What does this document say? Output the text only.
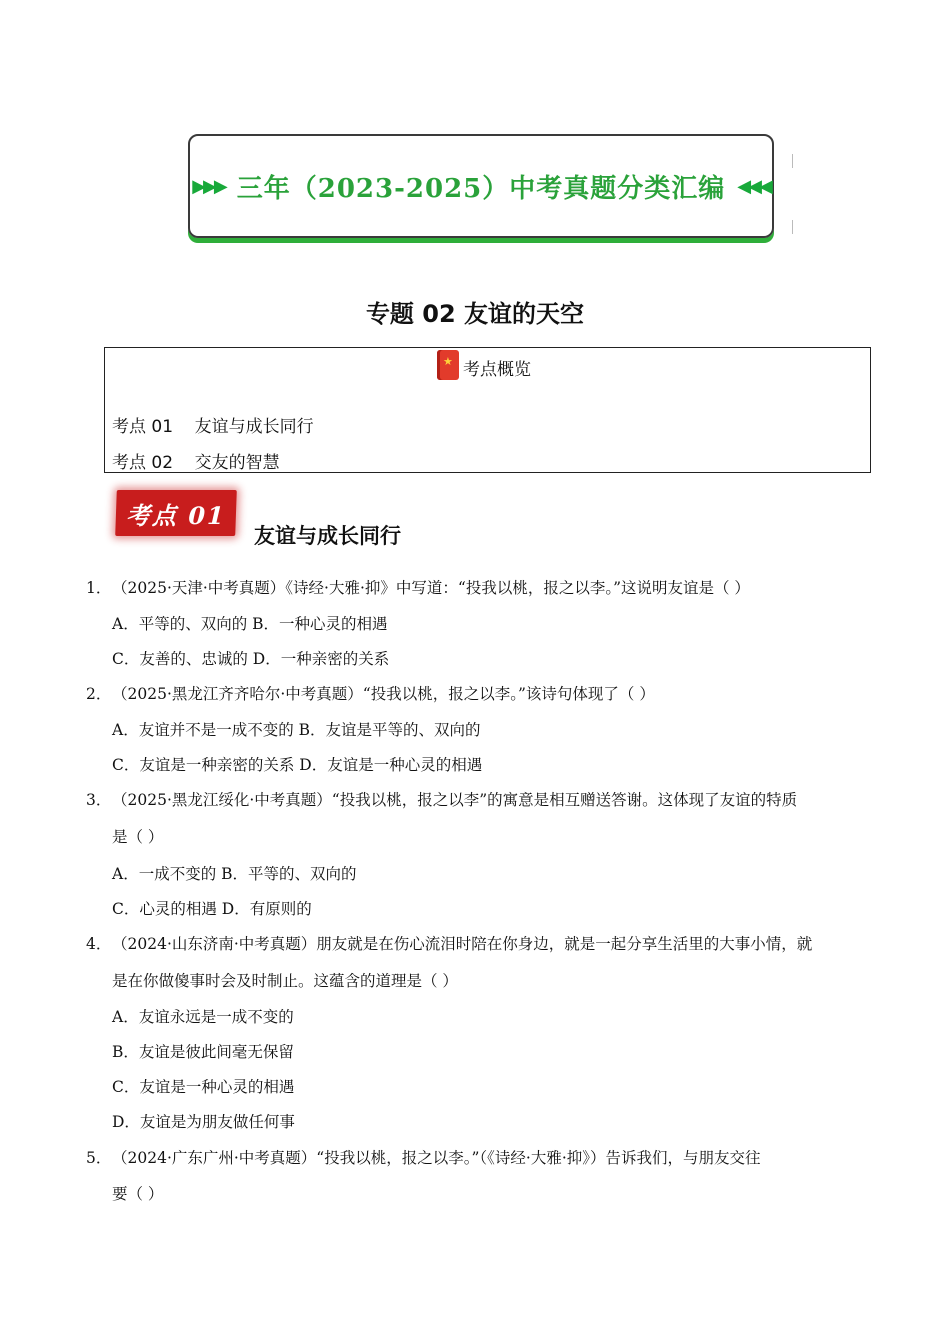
▶▶▶ 三年（2023-2025）中考真题分类汇编 ◀◀◀
专题 02 友谊的天空
★
考点概览
考点 01    友谊与成长同行
考点 02    交友的智慧
考点 01
友谊与成长同行
1． （2025·天津·中考真题）《诗经·大雅·抑》中写道：“投我以桃，报之以李。”这说明友谊是（ ）
A．平等的、双向的 B．一种心灵的相遇
C．友善的、忠诚的 D．一种亲密的关系
2． （2025·黑龙江齐齐哈尔·中考真题）“投我以桃，报之以李。”该诗句体现了（ ）
A．友谊并不是一成不变的 B．友谊是平等的、双向的
C．友谊是一种亲密的关系 D．友谊是一种心灵的相遇
3． （2025·黑龙江绥化·中考真题）“投我以桃，报之以李”的寓意是相互赠送答谢。这体现了友谊的特质
是（ ）
A．一成不变的 B．平等的、双向的
C．心灵的相遇 D．有原则的
4． （2024·山东济南·中考真题）朋友就是在伤心流泪时陪在你身边，就是一起分享生活里的大事小情，就
是在你做傻事时会及时制止。这蕴含的道理是（ ）
A．友谊永远是一成不变的
B．友谊是彼此间毫无保留
C．友谊是一种心灵的相遇
D．友谊是为朋友做任何事
5． （2024·广东广州·中考真题）“投我以桃，报之以李。”（《诗经·大雅·抑》）告诉我们，与朋友交往
要（ ）
